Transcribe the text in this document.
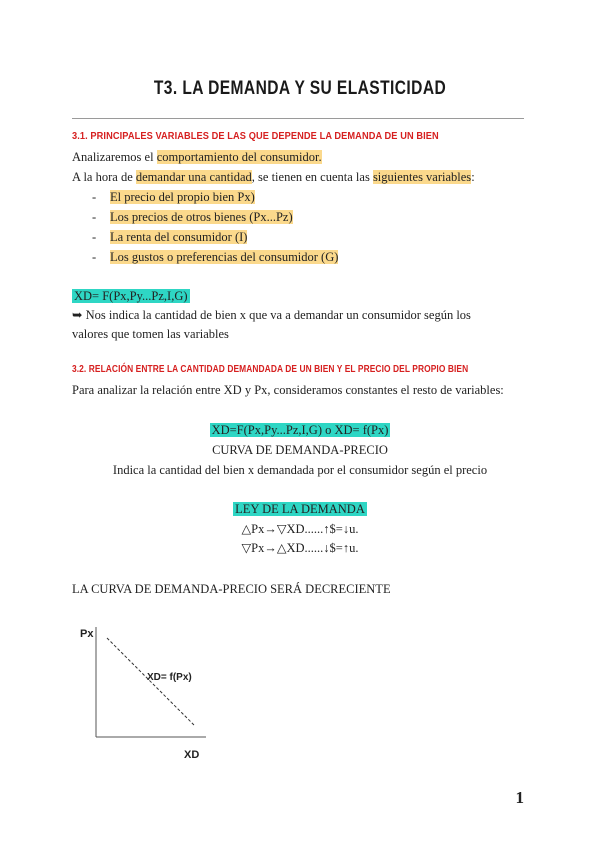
T3. LA DEMANDA Y SU ELASTICIDAD
3.1. PRINCIPALES VARIABLES DE LAS QUE DEPENDE LA DEMANDA DE UN BIEN
Analizaremos el comportamiento del consumidor.
A la hora de demandar una cantidad, se tienen en cuenta las siguientes variables:
- El precio del propio bien Px)
- Los precios de otros bienes (Px...Pz)
- La renta del consumidor (I)
- Los gustos o preferencias del consumidor (G)
XD= F(Px,Py...Pz,I,G)
➥ Nos indica la cantidad de bien x que va a demandar un consumidor según los
valores que tomen las variables
3.2. RELACIÓN ENTRE LA CANTIDAD DEMANDADA DE UN BIEN Y EL PRECIO DEL PROPIO BIEN
Para analizar la relación entre XD y Px, consideramos constantes el resto de variables:
XD=F(Px,Py...Pz,I,G) o XD= f(Px)
CURVA DE DEMANDA-PRECIO
Indica la cantidad del bien x demandada por el consumidor según el precio
LEY DE LA DEMANDA
△Px→▽XD......↑$=↓u.
▽Px→△XD......↓$=↑u.
LA CURVA DE DEMANDA-PRECIO SERÁ DECRECIENTE
Px
XD
XD= f(Px)
1
